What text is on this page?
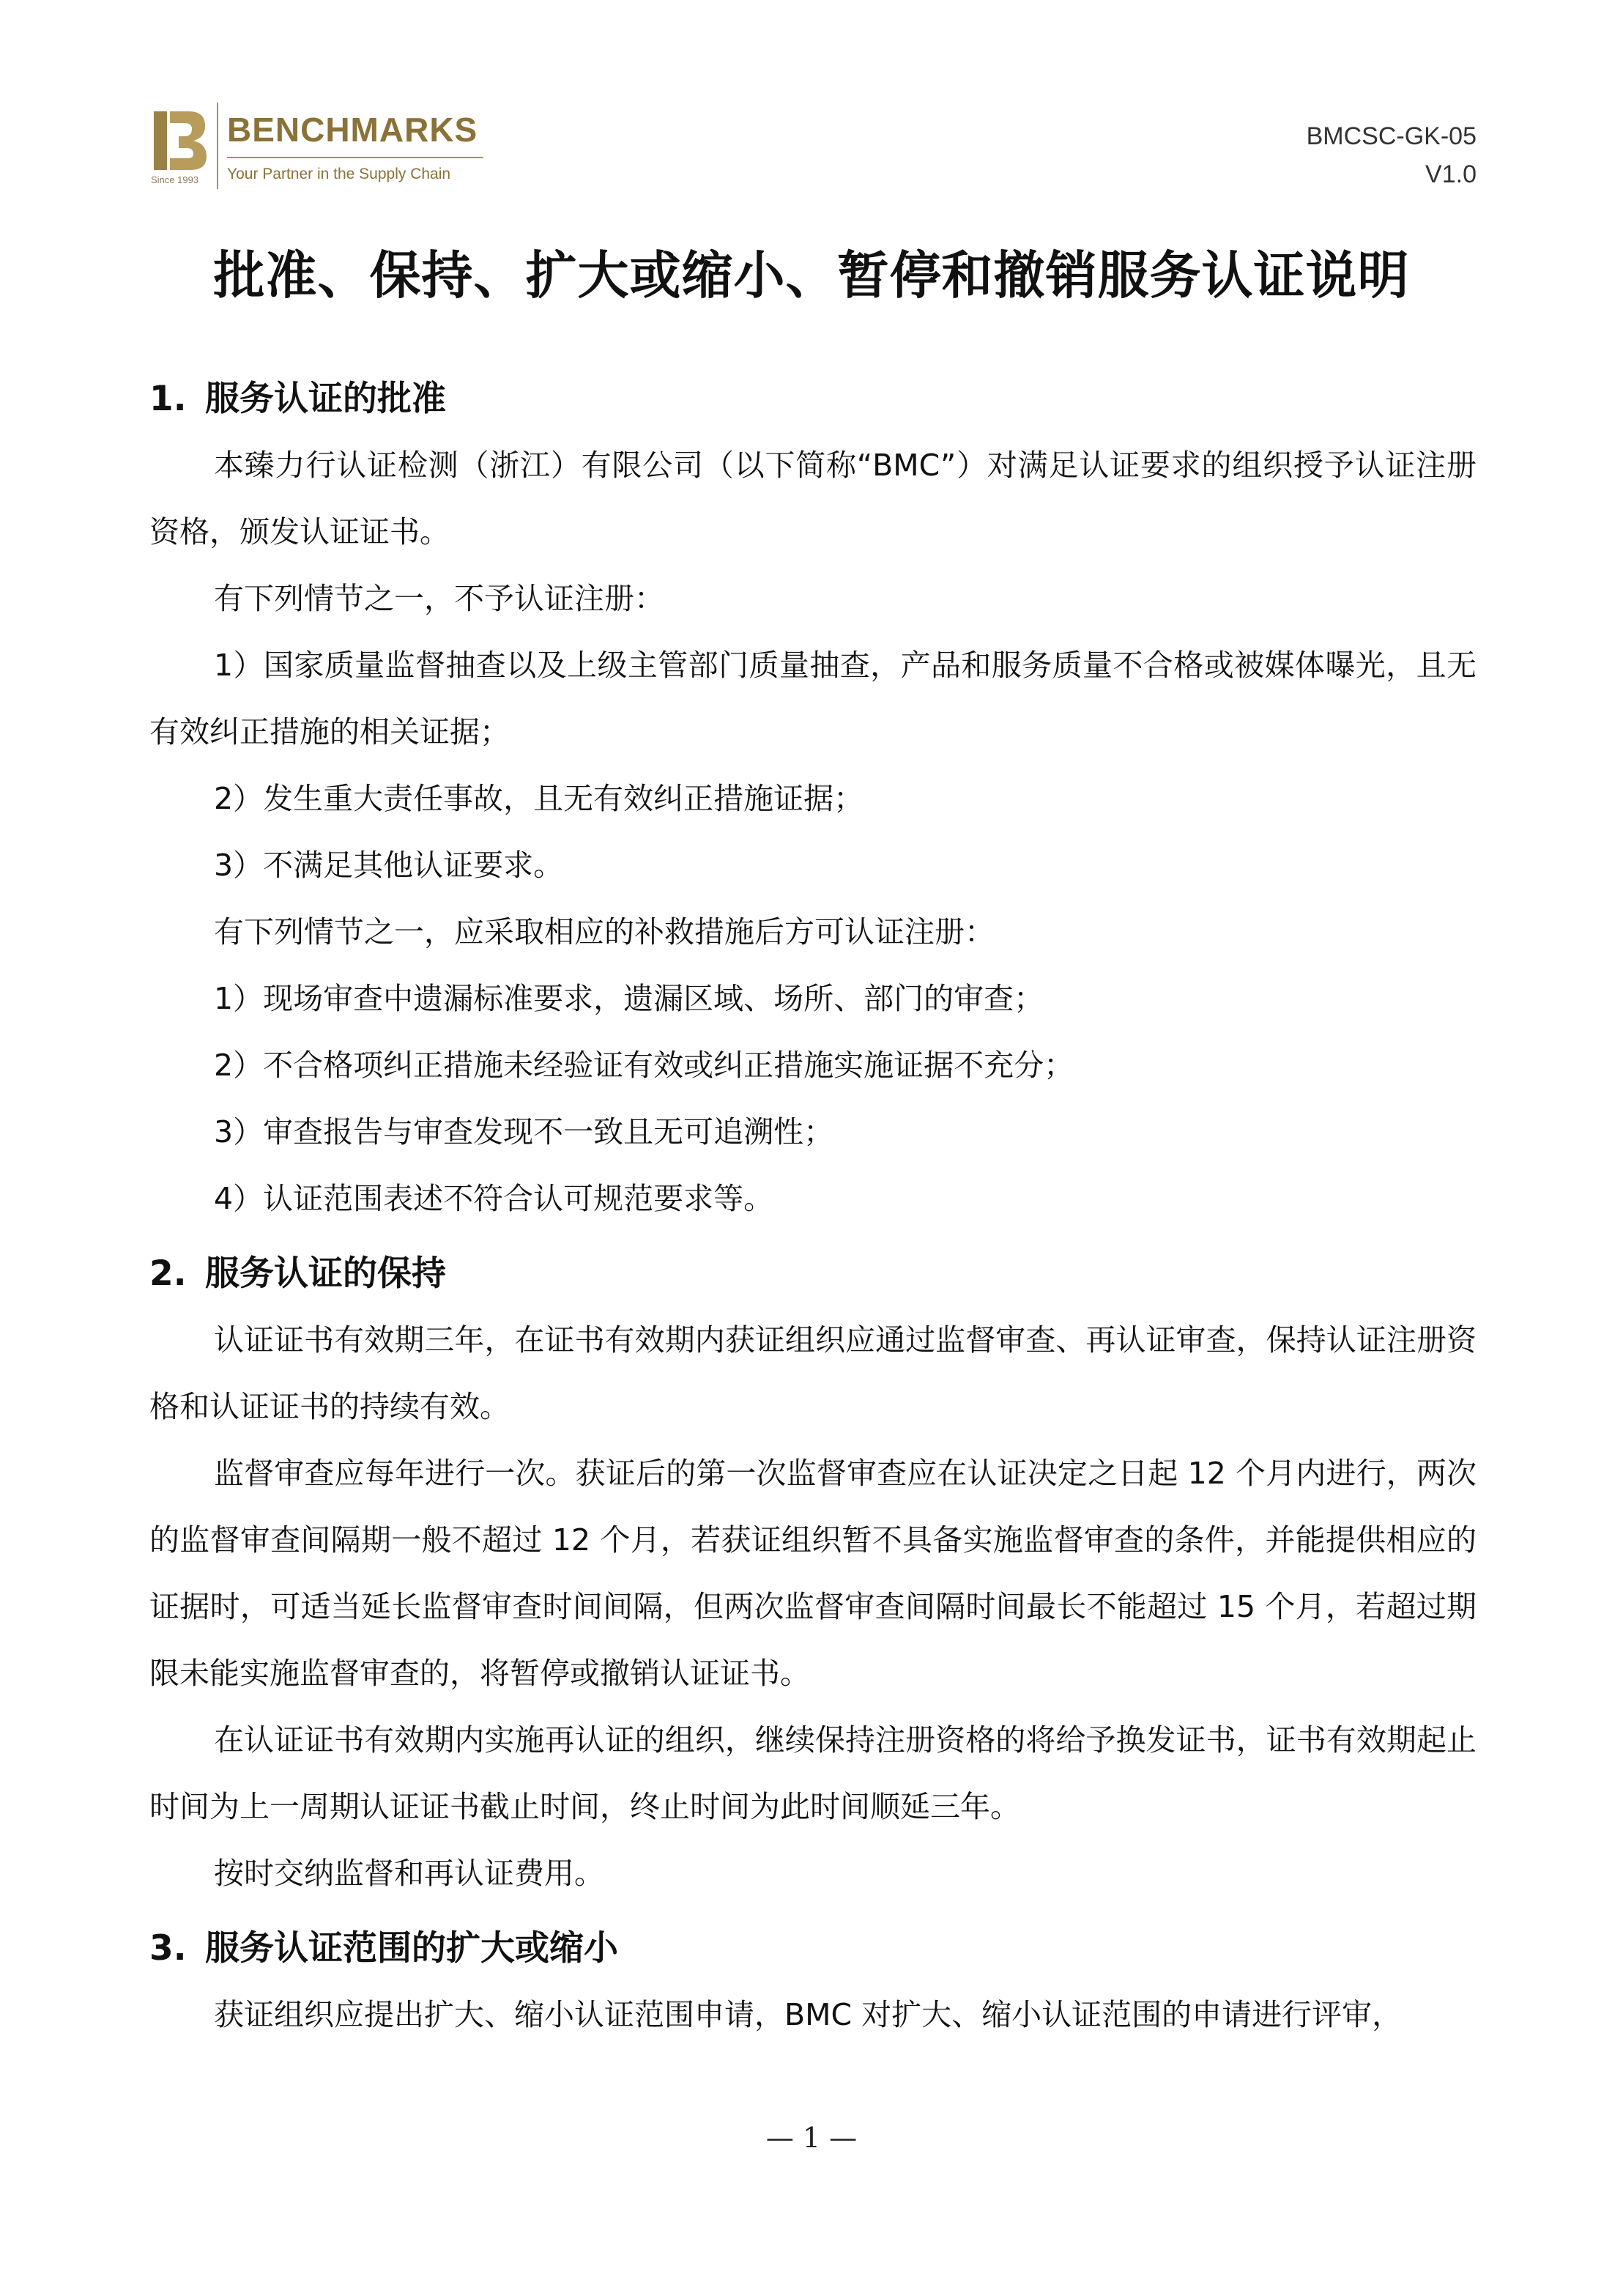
Since 1993
BENCHMARKS
Your Partner in the Supply Chain
BMCSC-GK-05
V1.0
批准、保持、扩大或缩小、暂停和撤销服务认证说明
1. 服务认证的批准

本臻力行认证检测（浙江）有限公司（以下简称“BMC”）对满足认证要求的组织授予认证注册资格，颁发认证证书。

有下列情节之一，不予认证注册：

1）国家质量监督抽查以及上级主管部门质量抽查，产品和服务质量不合格或被媒体曝光，且无有效纠正措施的相关证据；

2）发生重大责任事故，且无有效纠正措施证据；

3）不满足其他认证要求。

有下列情节之一，应采取相应的补救措施后方可认证注册：

1）现场审查中遗漏标准要求，遗漏区域、场所、部门的审查；

2）不合格项纠正措施未经验证有效或纠正措施实施证据不充分；

3）审查报告与审查发现不一致且无可追溯性；

4）认证范围表述不符合认可规范要求等。

2. 服务认证的保持

认证证书有效期三年，在证书有效期内获证组织应通过监督审查、再认证审查，保持认证注册资格和认证证书的持续有效。

监督审查应每年进行一次。获证后的第一次监督审查应在认证决定之日起 12 个月内进行，两次的监督审查间隔期一般不超过 12 个月，若获证组织暂不具备实施监督审查的条件，并能提供相应的证据时，可适当延长监督审查时间间隔，但两次监督审查间隔时间最长不能超过 15 个月，若超过期限未能实施监督审查的，将暂停或撤销认证证书。

在认证证书有效期内实施再认证的组织，继续保持注册资格的将给予换发证书，证书有效期起止时间为上一周期认证证书截止时间，终止时间为此时间顺延三年。

按时交纳监督和再认证费用。

3. 服务认证范围的扩大或缩小

获证组织应提出扩大、缩小认证范围申请，BMC 对扩大、缩小认证范围的申请进行评审，

— 1 —
